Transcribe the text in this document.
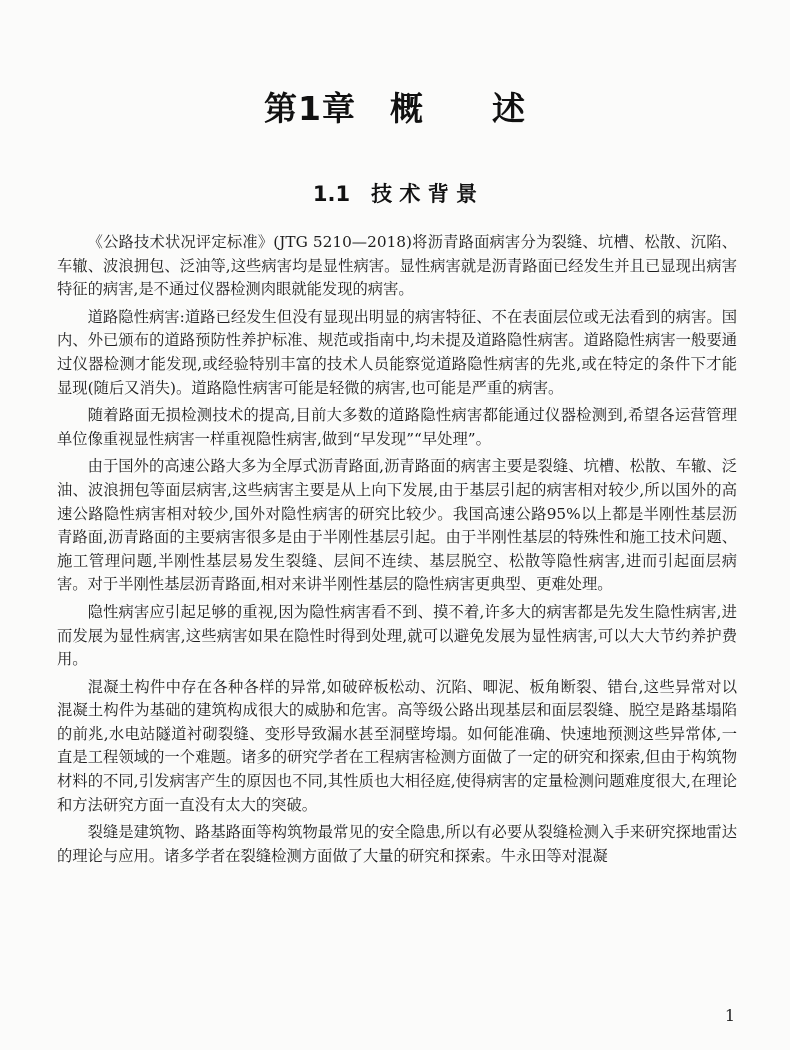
第1章　概　　述
1.1　技 术 背 景

《公路技术状况评定标准》(JTG 5210—2018)将沥青路面病害分为裂缝、坑槽、松散、沉陷、车辙、波浪拥包、泛油等,这些病害均是显性病害。显性病害就是沥青路面已经发生并且已显现出病害特征的病害,是不通过仪器检测肉眼就能发现的病害。

道路隐性病害:道路已经发生但没有显现出明显的病害特征、不在表面层位或无法看到的病害。国内、外已颁布的道路预防性养护标准、规范或指南中,均未提及道路隐性病害。道路隐性病害一般要通过仪器检测才能发现,或经验特别丰富的技术人员能察觉道路隐性病害的先兆,或在特定的条件下才能显现(随后又消失)。道路隐性病害可能是轻微的病害,也可能是严重的病害。

随着路面无损检测技术的提高,目前大多数的道路隐性病害都能通过仪器检测到,希望各运营管理单位像重视显性病害一样重视隐性病害,做到“早发现”“早处理”。

由于国外的高速公路大多为全厚式沥青路面,沥青路面的病害主要是裂缝、坑槽、松散、车辙、泛油、波浪拥包等面层病害,这些病害主要是从上向下发展,由于基层引起的病害相对较少,所以国外的高速公路隐性病害相对较少,国外对隐性病害的研究比较少。我国高速公路95%以上都是半刚性基层沥青路面,沥青路面的主要病害很多是由于半刚性基层引起。由于半刚性基层的特殊性和施工技术问题、施工管理问题,半刚性基层易发生裂缝、层间不连续、基层脱空、松散等隐性病害,进而引起面层病害。对于半刚性基层沥青路面,相对来讲半刚性基层的隐性病害更典型、更难处理。

隐性病害应引起足够的重视,因为隐性病害看不到、摸不着,许多大的病害都是先发生隐性病害,进而发展为显性病害,这些病害如果在隐性时得到处理,就可以避免发展为显性病害,可以大大节约养护费用。

混凝土构件中存在各种各样的异常,如破碎板松动、沉陷、唧泥、板角断裂、错台,这些异常对以混凝土构件为基础的建筑构成很大的威胁和危害。高等级公路出现基层和面层裂缝、脱空是路基塌陷的前兆,水电站隧道衬砌裂缝、变形导致漏水甚至洞壁垮塌。如何能准确、快速地预测这些异常体,一直是工程领域的一个难题。诸多的研究学者在工程病害检测方面做了一定的研究和探索,但由于构筑物材料的不同,引发病害产生的原因也不同,其性质也大相径庭,使得病害的定量检测问题难度很大,在理论和方法研究方面一直没有太大的突破。

裂缝是建筑物、路基路面等构筑物最常见的安全隐患,所以有必要从裂缝检测入手来研究探地雷达的理论与应用。诸多学者在裂缝检测方面做了大量的研究和探索。牛永田等对混凝

1
